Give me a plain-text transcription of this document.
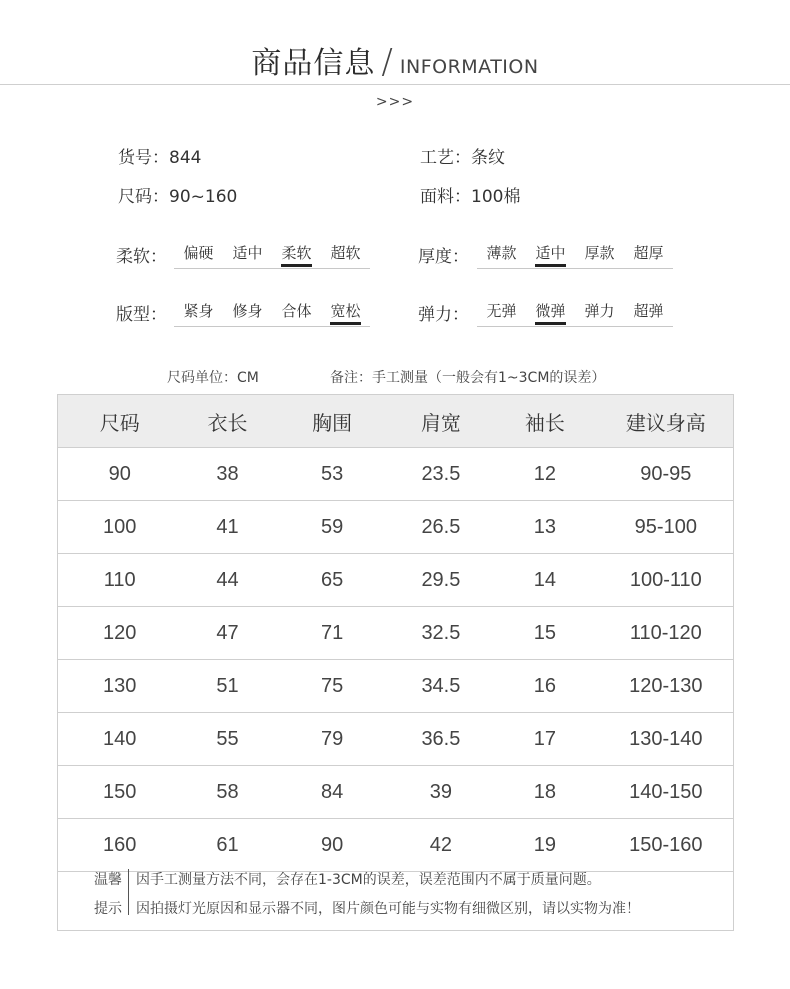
商品信息 / INFORMATION
>>>
货号：844	工艺：条纹
尺码：90~160	面料：100棉
柔软：	偏硬	适中	柔软	超软	厚度：	薄款	适中	厚款	超厚
版型：	紧身	修身	合体	宽松	弹力：	无弹	微弹	弹力	超弹
尺码单位：CM	备注：手工测量（一般会有1~3CM的误差）
尺码	衣长	胸围	肩宽	袖长	建议身高
90	38	53	23.5	12	90-95
100	41	59	26.5	13	95-100
110	44	65	29.5	14	100-110
120	47	71	32.5	15	110-120
130	51	75	34.5	16	120-130
140	55	79	36.5	17	130-140
150	58	84	39	18	140-150
160	61	90	42	19	150-160
温馨
提示
因手工测量方法不同，会存在1-3CM的误差，误差范围内不属于质量问题。
因拍摄灯光原因和显示器不同，图片颜色可能与实物有细微区别，请以实物为准！
